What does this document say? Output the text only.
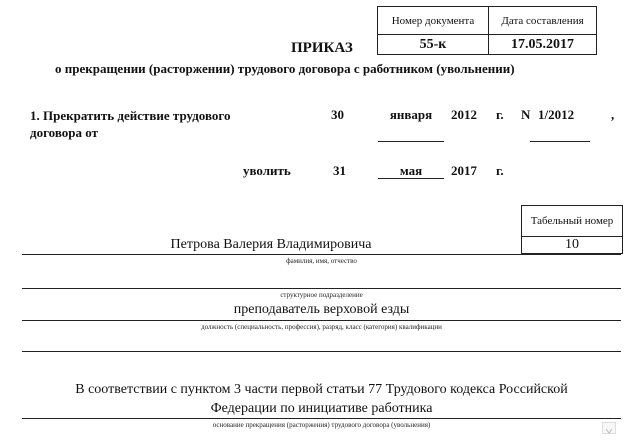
ПРИКАЗ
Номер документа	Дата составления
55-к	17.05.2017
о прекращении (расторжении) трудового договора с работником (увольнении)
1. Прекратить действие трудового
договора от
30	января	2012 г. N 1/2012	,
уволить	31	мая	2017 г.
Табельный номер
10
Петрова Валерия Владимировича
фамилия, имя, отчество
структурное подразделение
преподаватель верховой езды
должность (специальность, профессия), разряд, класс (категория) квалификации
В соответствии с пунктом 3 части первой статьи 77 Трудового кодекса Российской
Федерации по инициативе работника
основание прекращения (расторжения) трудового договора (увольнения)
